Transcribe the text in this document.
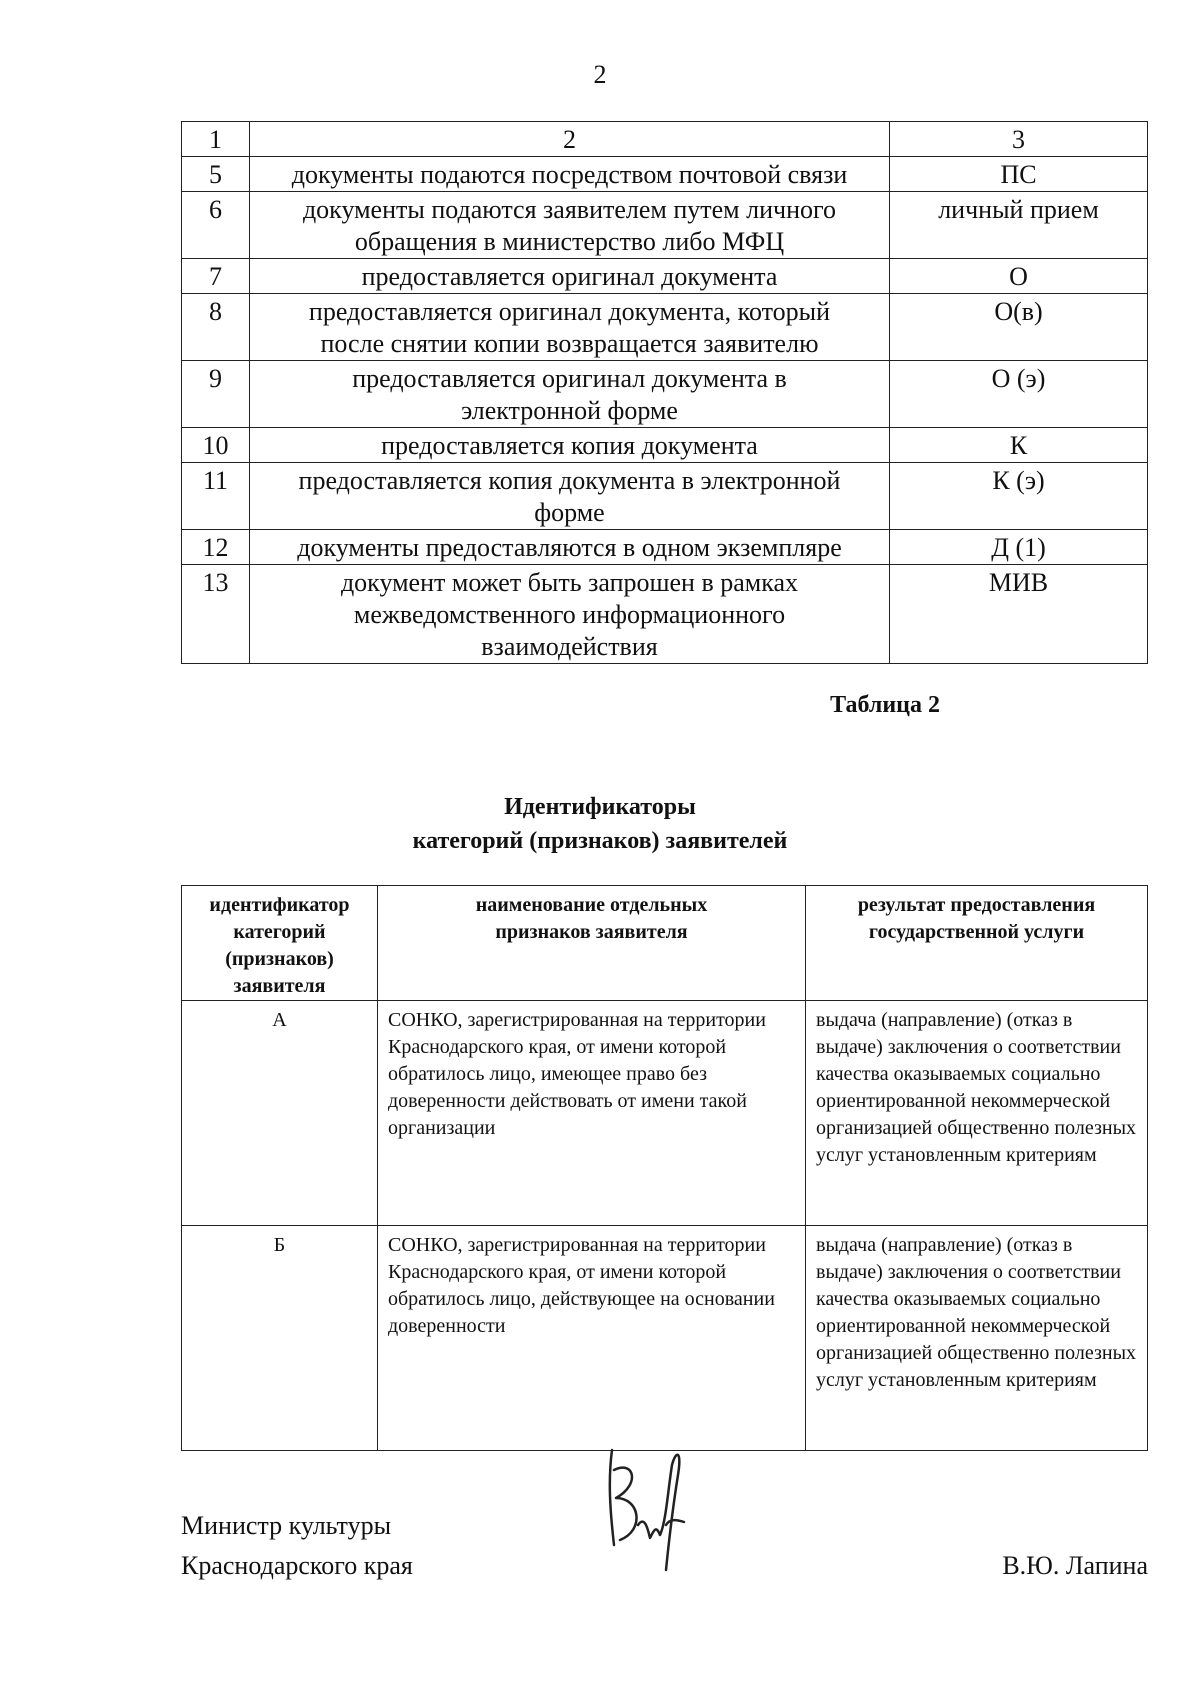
2
1	2	3
5	документы подаются посредством почтовой связи	ПС
6	документы подаются заявителем путем личного обращения в министерство либо МФЦ	личный прием
7	предоставляется оригинал документа	О
8	предоставляется оригинал документа, который после снятии копии возвращается заявителю	О(в)
9	предоставляется оригинал документа в электронной форме	О (э)
10	предоставляется копия документа	К
11	предоставляется копия документа в электронной форме	К (э)
12	документы предоставляются в одном экземпляре	Д (1)
13	документ может быть запрошен в рамках межведомственного информационного взаимодействия	МИВ
Таблица 2
Идентификаторы
категорий (признаков) заявителей
идентификатор категорий (признаков) заявителя	наименование отдельных признаков заявителя	результат предоставления государственной услуги
А	СОНКО, зарегистрированная на территории Краснодарского края, от имени которой обратилось лицо, имеющее право без доверенности действовать от имени такой организации	выдача (направление) (отказ в выдаче) заключения о соответствии качества оказываемых социально ориентированной некоммерческой организацией общественно полезных услуг установленным критериям
Б	СОНКО, зарегистрированная на территории Краснодарского края, от имени которой обратилось лицо, действующее на основании доверенности	выдача (направление) (отказ в выдаче) заключения о соответствии качества оказываемых социально ориентированной некоммерческой организацией общественно полезных услуг установленным критериям
Министр культуры
Краснодарского края	В.Ю. Лапина
